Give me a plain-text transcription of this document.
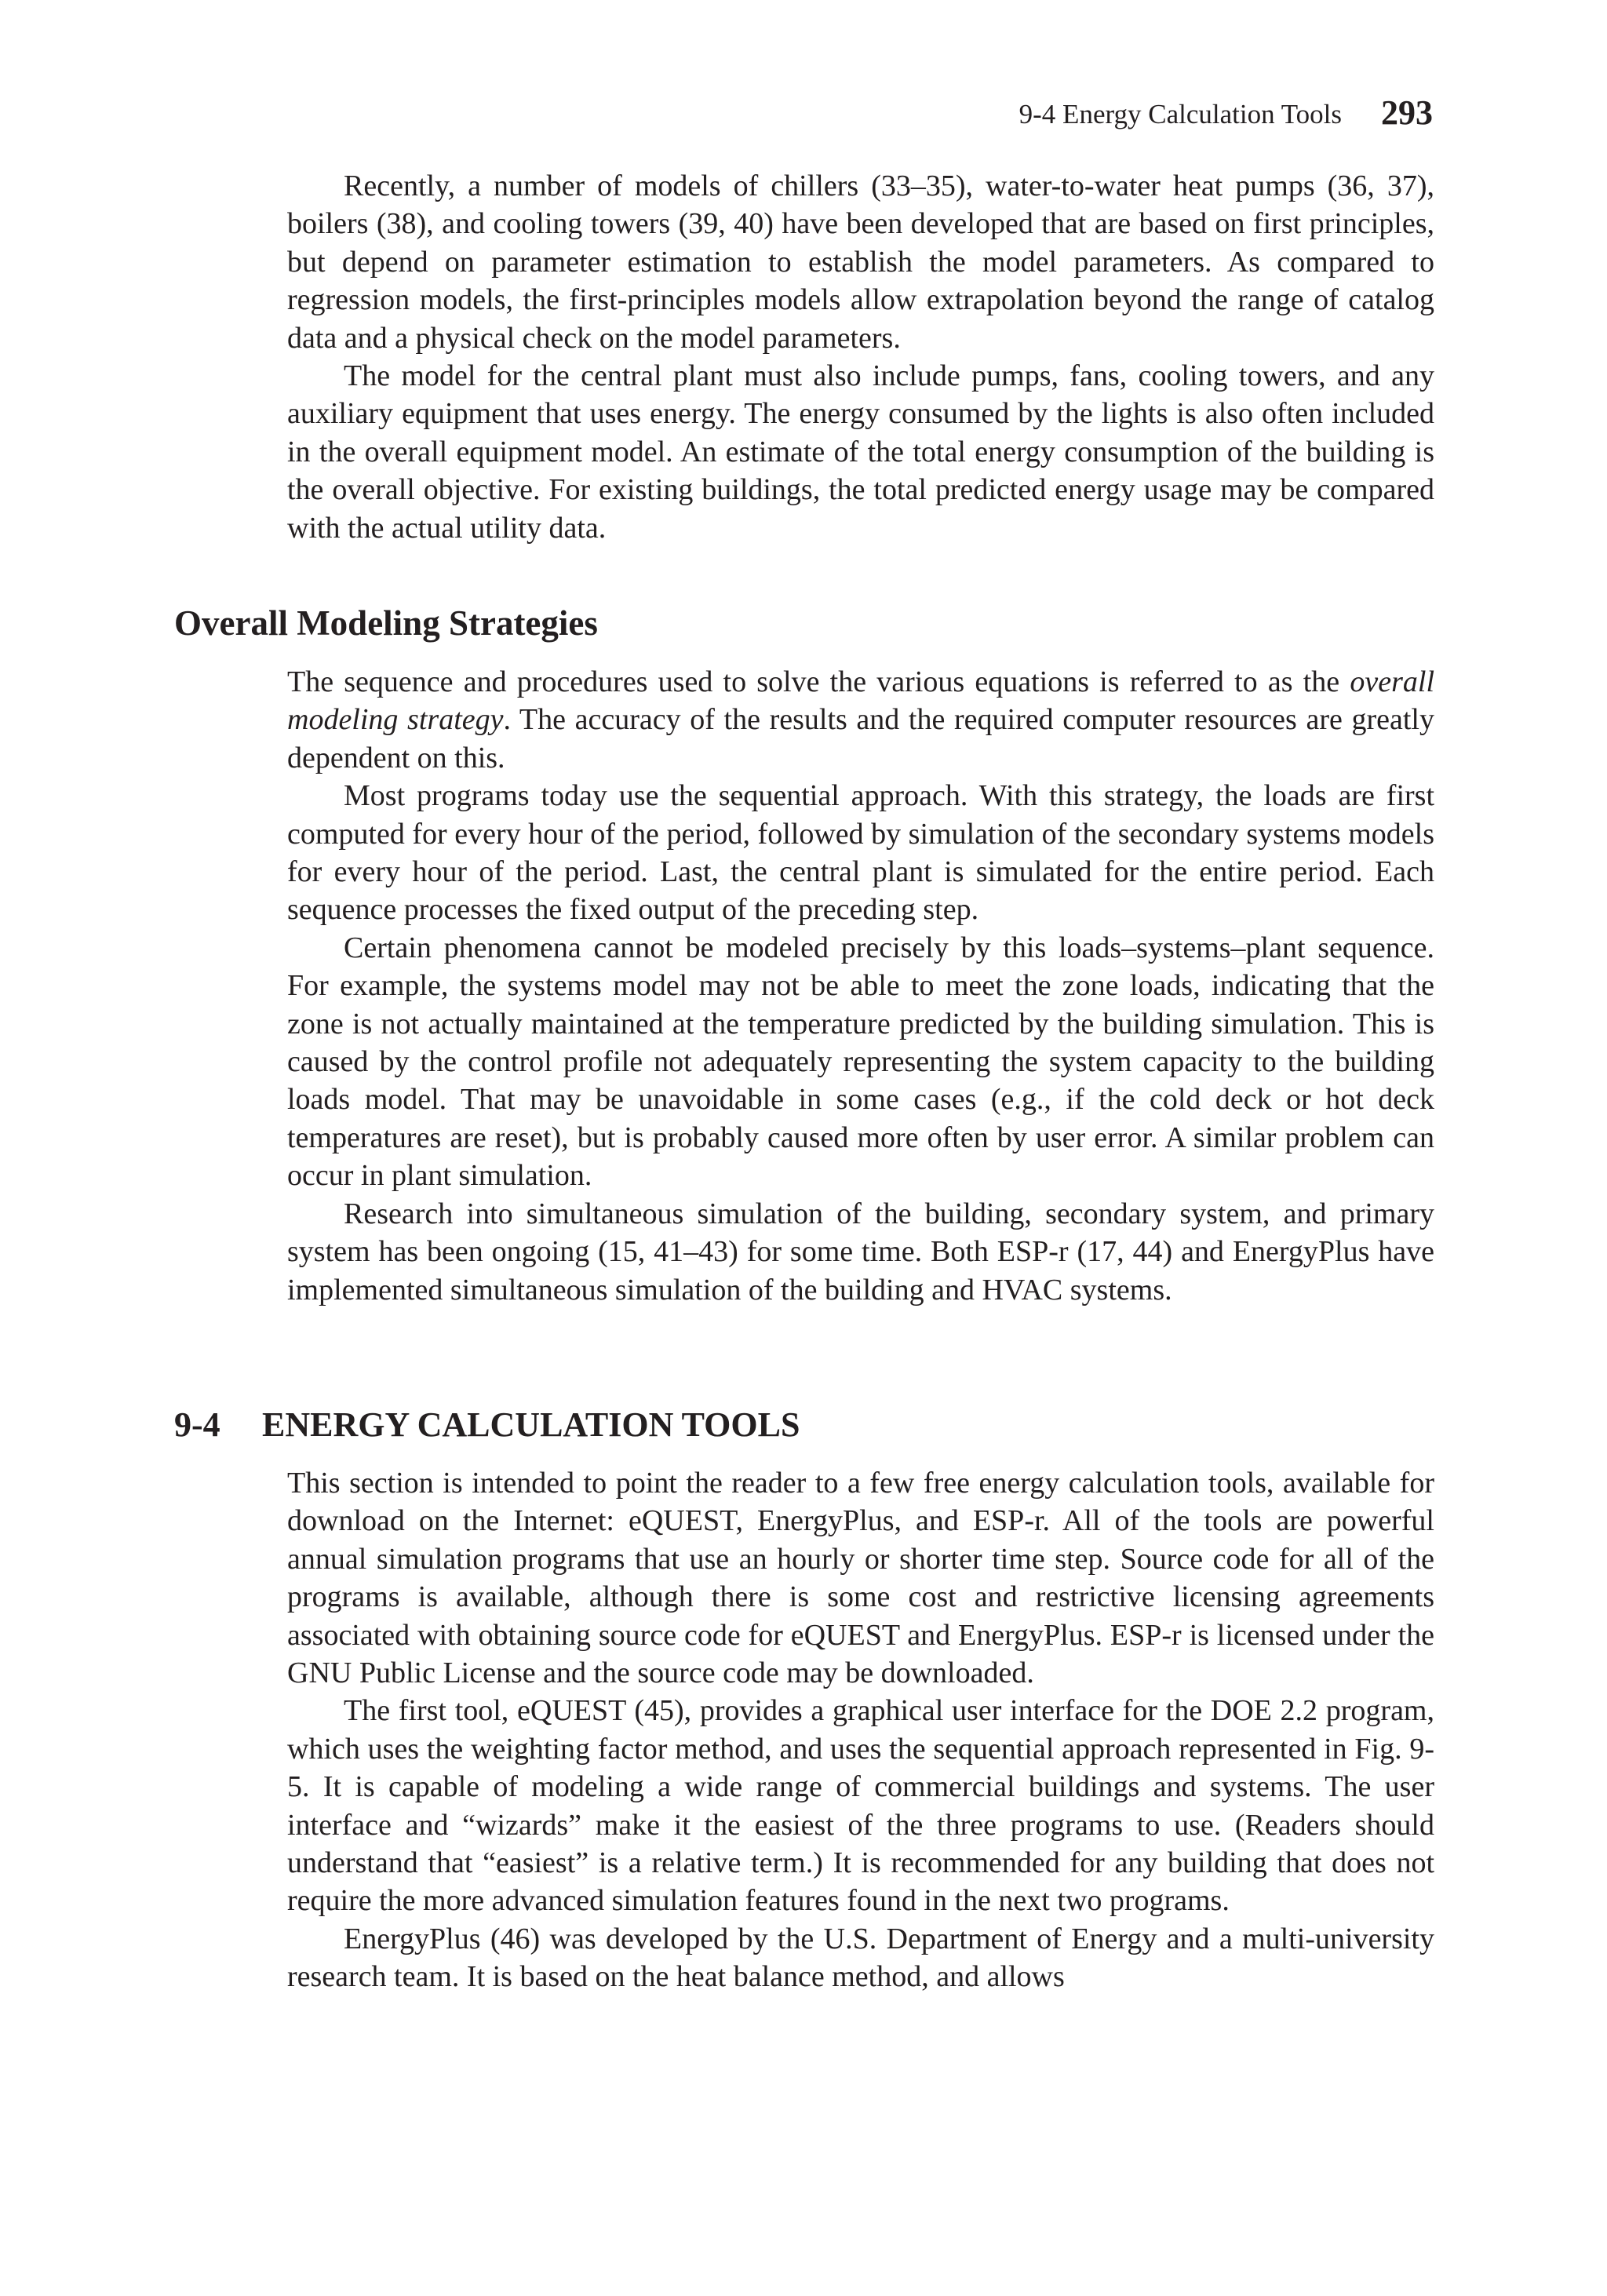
9-4 Energy Calculation Tools 293

Recently, a number of models of chillers (33–35), water-to-water heat pumps (36, 37), boilers (38), and cooling towers (39, 40) have been developed that are based on first principles, but depend on parameter estimation to establish the model parameters. As compared to regression models, the first-principles models allow extrapolation beyond the range of catalog data and a physical check on the model parameters.

The model for the central plant must also include pumps, fans, cooling towers, and any auxiliary equipment that uses energy. The energy consumed by the lights is also often included in the overall equipment model. An estimate of the total energy consumption of the building is the overall objective. For existing buildings, the total predicted energy usage may be compared with the actual utility data.

Overall Modeling Strategies

The sequence and procedures used to solve the various equations is referred to as the overall modeling strategy. The accuracy of the results and the required computer resources are greatly dependent on this.

Most programs today use the sequential approach. With this strategy, the loads are first computed for every hour of the period, followed by simulation of the secondary systems models for every hour of the period. Last, the central plant is simulated for the entire period. Each sequence processes the fixed output of the preceding step.

Certain phenomena cannot be modeled precisely by this loads–systems–plant sequence. For example, the systems model may not be able to meet the zone loads, indicating that the zone is not actually maintained at the temperature predicted by the building simulation. This is caused by the control profile not adequately representing the system capacity to the building loads model. That may be unavoidable in some cases (e.g., if the cold deck or hot deck temperatures are reset), but is probably caused more often by user error. A similar problem can occur in plant simulation.

Research into simultaneous simulation of the building, secondary system, and primary system has been ongoing (15, 41–43) for some time. Both ESP-r (17, 44) and EnergyPlus have implemented simultaneous simulation of the building and HVAC systems.

9-4 ENERGY CALCULATION TOOLS

This section is intended to point the reader to a few free energy calculation tools, available for download on the Internet: eQUEST, EnergyPlus, and ESP-r. All of the tools are powerful annual simulation programs that use an hourly or shorter time step. Source code for all of the programs is available, although there is some cost and restrictive licensing agreements associated with obtaining source code for eQUEST and EnergyPlus. ESP-r is licensed under the GNU Public License and the source code may be downloaded.

The first tool, eQUEST (45), provides a graphical user interface for the DOE 2.2 program, which uses the weighting factor method, and uses the sequential approach represented in Fig. 9-5. It is capable of modeling a wide range of commercial buildings and systems. The user interface and “wizards” make it the easiest of the three programs to use. (Readers should understand that “easiest” is a relative term.) It is recommended for any building that does not require the more advanced simulation features found in the next two programs.

EnergyPlus (46) was developed by the U.S. Department of Energy and a multi-university research team. It is based on the heat balance method, and allows
